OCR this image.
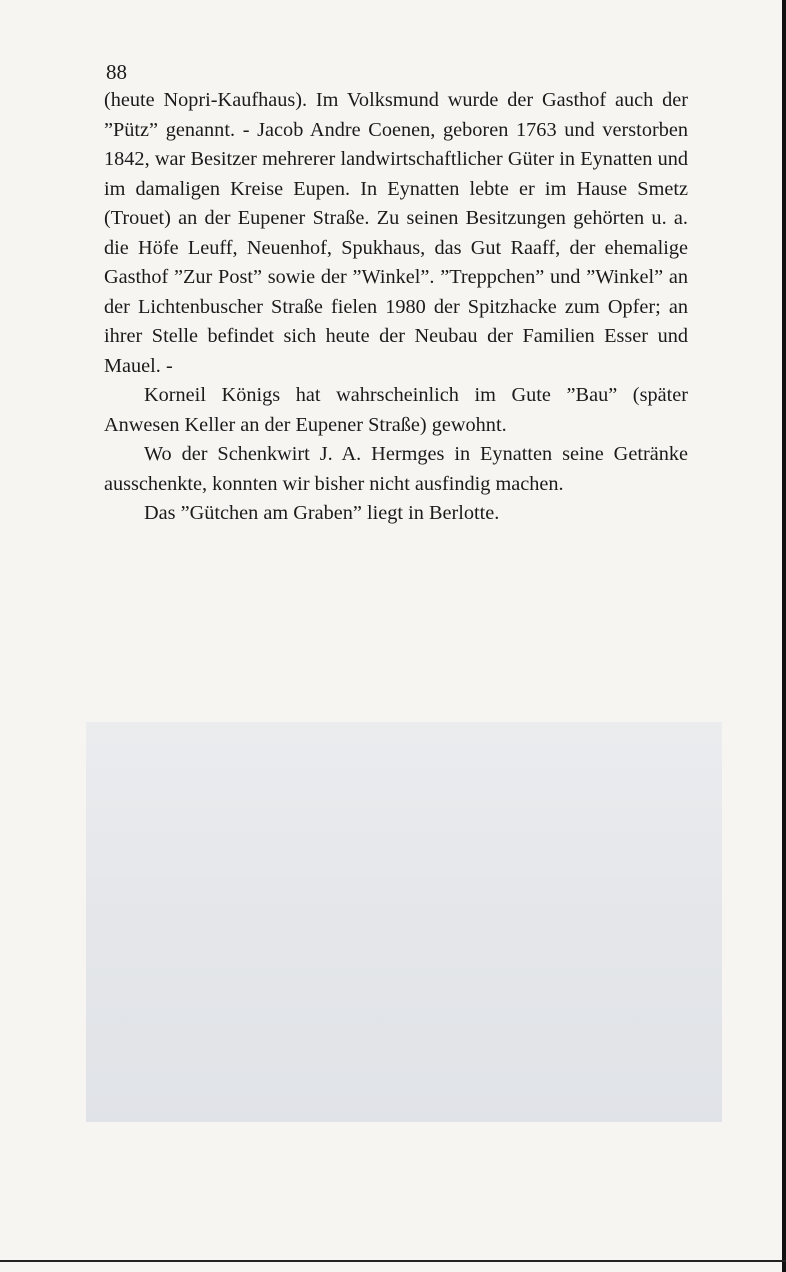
88

(heute Nopri-Kaufhaus). Im Volksmund wurde der Gasthof auch der ”Pütz” genannt. - Jacob Andre Coenen, geboren 1763 und verstorben 1842, war Besitzer mehrerer landwirtschaftlicher Güter in Eynatten und im damaligen Kreise Eupen. In Eynatten lebte er im Hause Smetz (Trouet) an der Eupener Straße. Zu seinen Besitzungen gehörten u. a. die Höfe Leuff, Neuenhof, Spukhaus, das Gut Raaff, der ehemalige Gasthof ”Zur Post” sowie der ”Winkel”. ”Treppchen” und ”Winkel” an der Lichtenbuscher Straße fielen 1980 der Spitzhacke zum Opfer; an ihrer Stelle befindet sich heute der Neubau der Familien Esser und Mauel. -

Korneil Königs hat wahrscheinlich im Gute ”Bau” (später Anwesen Keller an der Eupener Straße) gewohnt.

Wo der Schenkwirt J. A. Hermges in Eynatten seine Getränke ausschenkte, konnten wir bisher nicht ausfindig machen.

Das ”Gütchen am Graben” liegt in Berlotte.
